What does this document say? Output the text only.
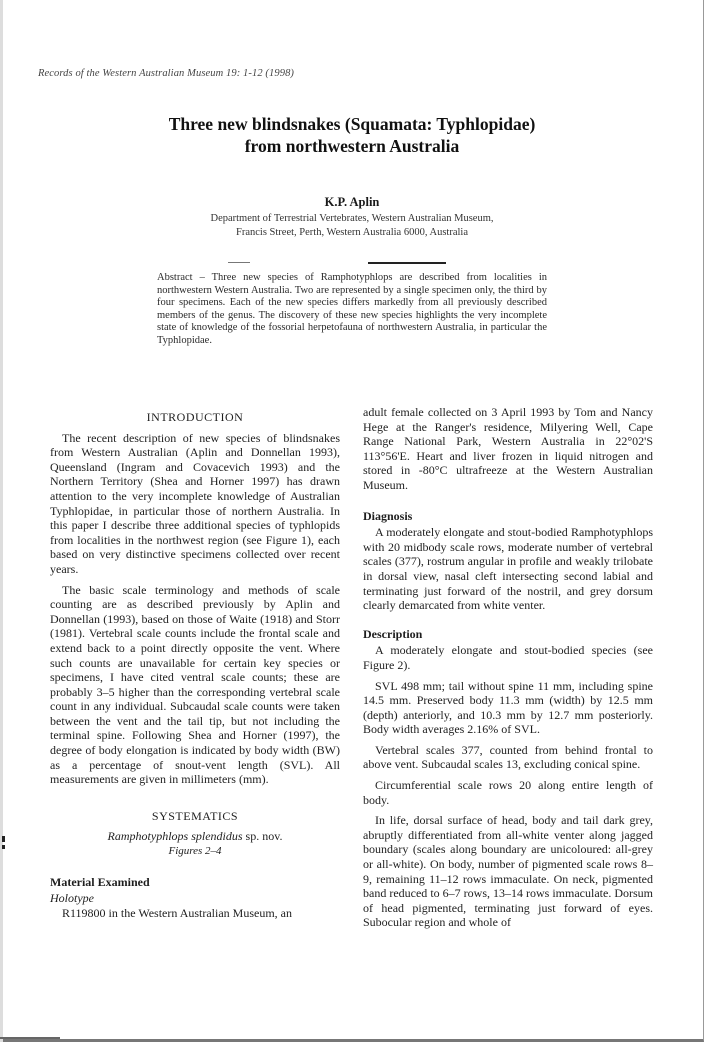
Records of the Western Australian Museum 19: 1-12 (1998)
Three new blindsnakes (Squamata: Typhlopidae)
from northwestern Australia
K.P. Aplin
Department of Terrestrial Vertebrates, Western Australian Museum,
Francis Street, Perth, Western Australia 6000, Australia
Abstract – Three new species of Ramphotyphlops are described from localities in northwestern Western Australia. Two are represented by a single specimen only, the third by four specimens. Each of the new species differs markedly from all previously described members of the genus. The discovery of these new species highlights the very incomplete state of knowledge of the fossorial herpetofauna of northwestern Australia, in particular the Typhlopidae.
INTRODUCTION

The recent description of new species of blindsnakes from Western Australian (Aplin and Donnellan 1993), Queensland (Ingram and Covacevich 1993) and the Northern Territory (Shea and Horner 1997) has drawn attention to the very incomplete knowledge of Australian Typhlopidae, in particular those of northern Australia. In this paper I describe three additional species of typhlopids from localities in the northwest region (see Figure 1), each based on very distinctive specimens collected over recent years.

The basic scale terminology and methods of scale counting are as described previously by Aplin and Donnellan (1993), based on those of Waite (1918) and Storr (1981). Vertebral scale counts include the frontal scale and extend back to a point directly opposite the vent. Where such counts are unavailable for certain key species or specimens, I have cited ventral scale counts; these are probably 3–5 higher than the corresponding vertebral scale count in any individual. Subcaudal scale counts were taken between the vent and the tail tip, but not including the terminal spine. Following Shea and Horner (1997), the degree of body elongation is indicated by body width (BW) as a percentage of snout-vent length (SVL). All measurements are given in millimeters (mm).

SYSTEMATICS
Ramphotyphlops splendidus sp. nov.
Figures 2–4
Material Examined
Holotype

R119800 in the Western Australian Museum, an

adult female collected on 3 April 1993 by Tom and Nancy Hege at the Ranger's residence, Milyering Well, Cape Range National Park, Western Australia in 22°02'S 113°56'E. Heart and liver frozen in liquid nitrogen and stored in -80°C ultrafreeze at the Western Australian Museum.

Diagnosis

A moderately elongate and stout-bodied Ramphotyphlops with 20 midbody scale rows, moderate number of vertebral scales (377), rostrum angular in profile and weakly trilobate in dorsal view, nasal cleft intersecting second labial and terminating just forward of the nostril, and grey dorsum clearly demarcated from white venter.

Description

A moderately elongate and stout-bodied species (see Figure 2).

SVL 498 mm; tail without spine 11 mm, including spine 14.5 mm. Preserved body 11.3 mm (width) by 12.5 mm (depth) anteriorly, and 10.3 mm by 12.7 mm posteriorly. Body width averages 2.16% of SVL.

Vertebral scales 377, counted from behind frontal to above vent. Subcaudal scales 13, excluding conical spine.

Circumferential scale rows 20 along entire length of body.

In life, dorsal surface of head, body and tail dark grey, abruptly differentiated from all-white venter along jagged boundary (scales along boundary are unicoloured: all-grey or all-white). On body, number of pigmented scale rows 8–9, remaining 11–12 rows immaculate. On neck, pigmented band reduced to 6–7 rows, 13–14 rows immaculate. Dorsum of head pigmented, terminating just forward of eyes. Subocular region and whole of
